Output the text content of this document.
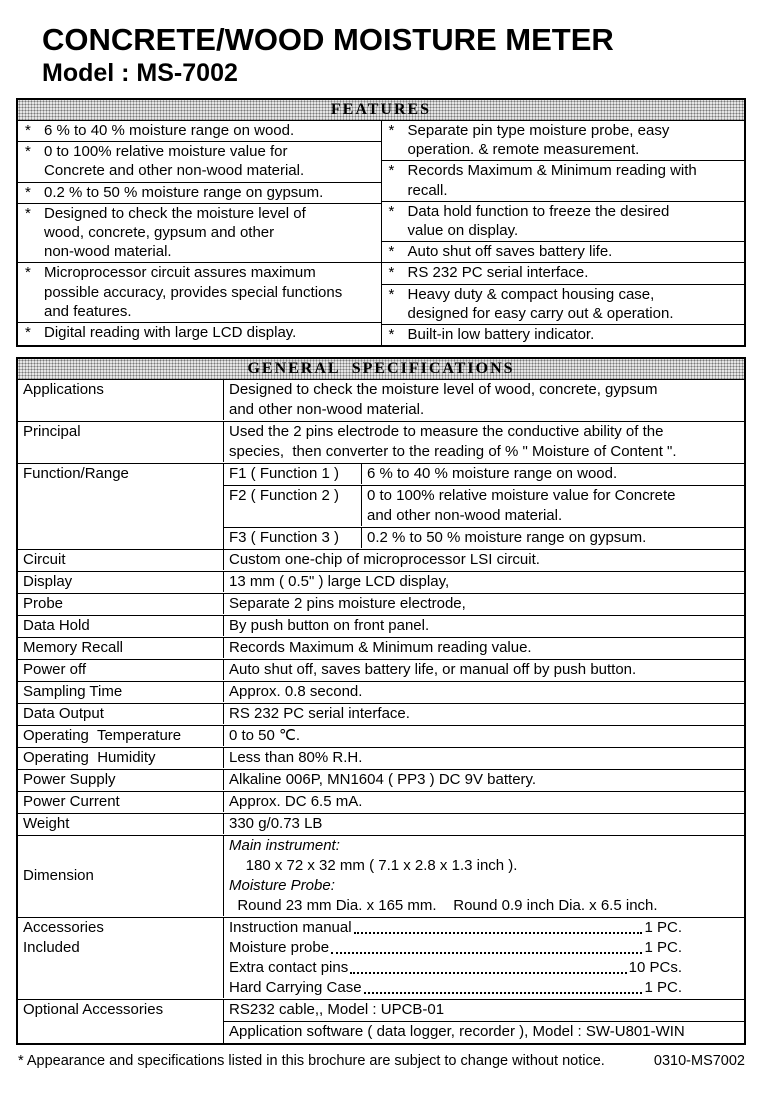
CONCRETE/WOOD MOISTURE METER
Model : MS-7002
FEATURES
* 6 % to 40 % moisture range on wood.
* 0 to 100% relative moisture value for
Concrete and other non-wood material.
* 0.2 % to 50 % moisture range on gypsum.
* Designed to check the moisture level of
wood, concrete, gypsum and other
non-wood material.
* Microprocessor circuit assures maximum
possible accuracy, provides special functions
and features.
* Digital reading with large LCD display.
* Separate pin type moisture probe, easy
operation. & remote measurement.
* Records Maximum & Minimum reading with
recall.
* Data hold function to freeze the desired
value on display.
* Auto shut off saves battery life.
* RS 232 PC serial interface.
* Heavy duty & compact housing case,
designed for easy carry out & operation.
* Built-in low battery indicator.
GENERAL  SPECIFICATIONS
Applications	Designed to check the moisture level of wood, concrete, gypsum
and other non-wood material.
Principal	Used the 2 pins electrode to measure the conductive ability of the
species,  then converter to the reading of % " Moisture of Content ".
Function/Range	F1 ( Function 1 )	6 % to 40 % moisture range on wood.
F2 ( Function 2 )	0 to 100% relative moisture value for Concrete
and other non-wood material.
F3 ( Function 3 )	0.2 % to 50 % moisture range on gypsum.
Circuit	Custom one-chip of microprocessor LSI circuit.
Display	13 mm ( 0.5" ) large LCD display,
Probe	Separate 2 pins moisture electrode,
Data Hold	By push button on front panel.
Memory Recall	Records Maximum & Minimum reading value.
Power off	Auto shut off, saves battery life, or manual off by push button.
Sampling Time	Approx. 0.8 second.
Data Output	RS 232 PC serial interface.
Operating  Temperature	0 to 50 ℃.
Operating  Humidity	Less than 80% R.H.
Power Supply	Alkaline 006P, MN1604 ( PP3 ) DC 9V battery.
Power Current	Approx. DC 6.5 mA.
Weight	330 g/0.73 LB
Dimension
Main instrument:
180 x 72 x 32 mm ( 7.1 x 2.8 x 1.3 inch ).
Moisture Probe:
Round 23 mm Dia. x 165 mm.    Round 0.9 inch Dia. x 6.5 inch.
Accessories
Included
Instruction manual	1 PC.
Moisture probe	1 PC.
Extra contact pins	10 PCs.
Hard Carrying Case	1 PC.
Optional Accessories	RS232 cable,, Model : UPCB-01
Application software ( data logger, recorder ), Model : SW-U801-WIN
* Appearance and specifications listed in this brochure are subject to change without notice.	0310-MS7002
